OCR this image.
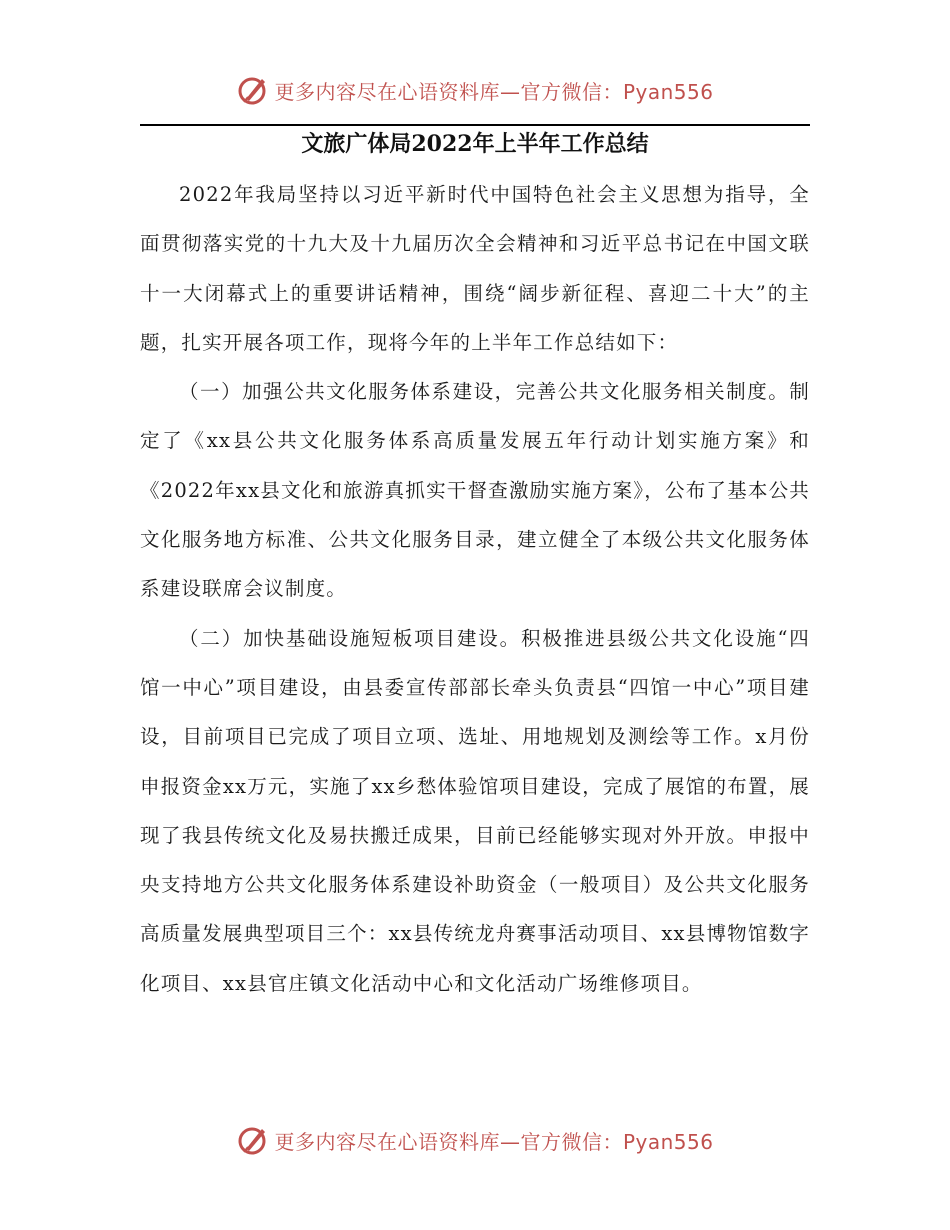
更多内容尽在心语资料库—官方微信：Pyan556
文旅广体局2022年上半年工作总结

2022年我局坚持以习近平新时代中国特色社会主义思想为指导，全面贯彻落实党的十九大及十九届历次全会精神和习近平总书记在中国文联十一大闭幕式上的重要讲话精神，围绕“阔步新征程、喜迎二十大”的主题，扎实开展各项工作，现将今年的上半年工作总结如下：

（一）加强公共文化服务体系建设，完善公共文化服务相关制度。制定了《xx县公共文化服务体系高质量发展五年行动计划实施方案》和《2022年xx县文化和旅游真抓实干督查激励实施方案》，公布了基本公共文化服务地方标准、公共文化服务目录，建立健全了本级公共文化服务体系建设联席会议制度。

（二）加快基础设施短板项目建设。积极推进县级公共文化设施“四馆一中心”项目建设，由县委宣传部部长牵头负责县“四馆一中心”项目建设，目前项目已完成了项目立项、选址、用地规划及测绘等工作。x月份申报资金xx万元，实施了xx乡愁体验馆项目建设，完成了展馆的布置，展现了我县传统文化及易扶搬迁成果，目前已经能够实现对外开放。申报中央支持地方公共文化服务体系建设补助资金（一般项目）及公共文化服务高质量发展典型项目三个：xx县传统龙舟赛事活动项目、xx县博物馆数字化项目、xx县官庄镇文化活动中心和文化活动广场维修项目。

更多内容尽在心语资料库—官方微信：Pyan556
